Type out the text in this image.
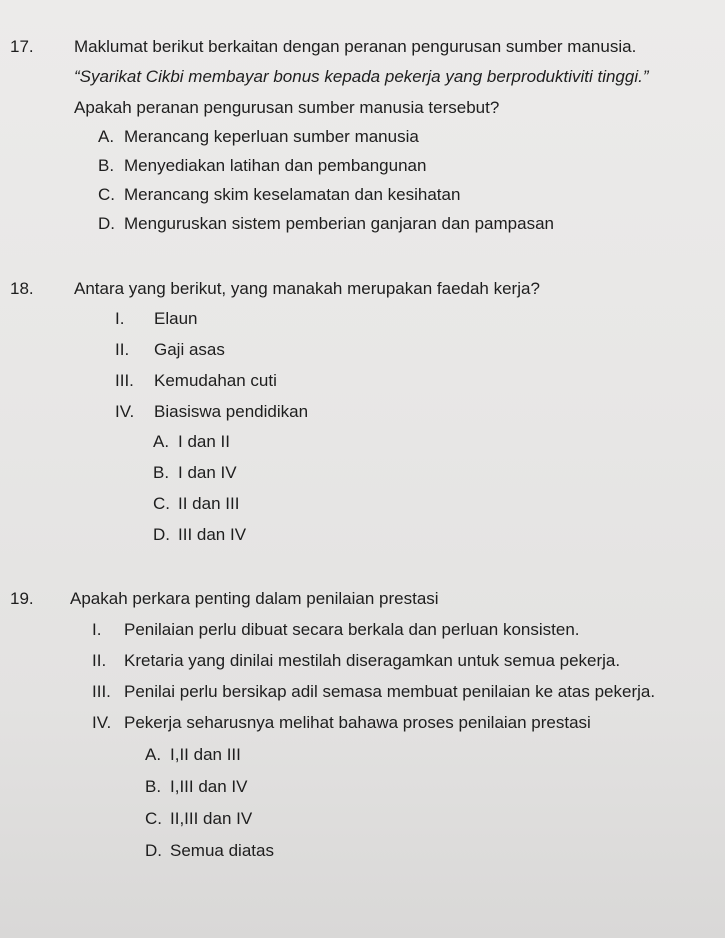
17. Maklumat berikut berkaitan dengan peranan pengurusan sumber manusia.
“Syarikat Cikbi membayar bonus kepada pekerja yang berproduktiviti tinggi.”
Apakah peranan pengurusan sumber manusia tersebut?
A. Merancang keperluan sumber manusia
B. Menyediakan latihan dan pembangunan
C. Merancang skim keselamatan dan kesihatan
D. Menguruskan sistem pemberian ganjaran dan pampasan
18. Antara yang berikut, yang manakah merupakan faedah kerja?
I. Elaun
II. Gaji asas
III. Kemudahan cuti
IV. Biasiswa pendidikan
A. I dan II
B. I dan IV
C. II dan III
D. III dan IV
19. Apakah perkara penting dalam penilaian prestasi
I. Penilaian perlu dibuat secara berkala dan perluan konsisten.
II. Kretaria yang dinilai mestilah diseragamkan untuk semua pekerja.
III. Penilai perlu bersikap adil semasa membuat penilaian ke atas pekerja.
IV. Pekerja seharusnya melihat bahawa proses penilaian prestasi
A. I,II dan III
B. I,III dan IV
C. II,III dan IV
D. Semua diatas
